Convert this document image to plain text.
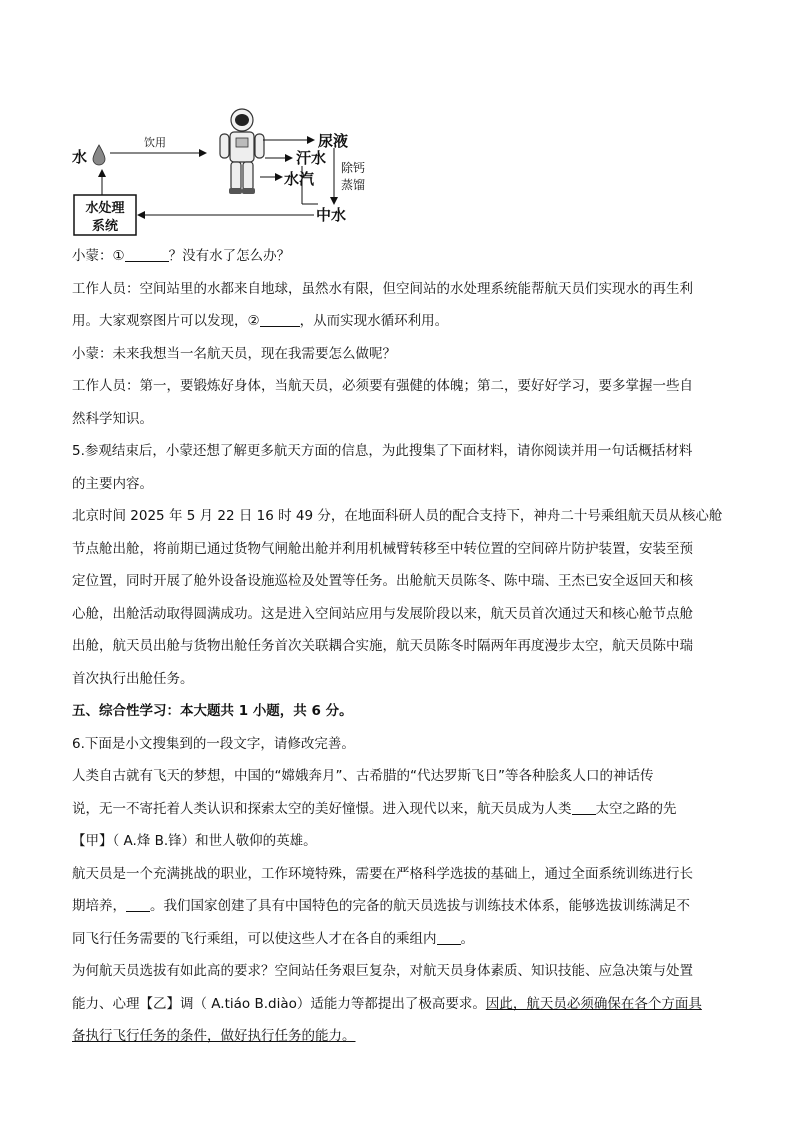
水
饮用	尿液
汗水
水汽
除钙
蒸馏
中水
水处理
系统

小蒙：①	？没有水了怎么办？

工作人员：空间站里的水都来自地球，虽然水有限，但空间站的水处理系统能帮航天员们实现水的再生利

用。大家观察图片可以发现，②	，从而实现水循环利用。

小蒙：未来我想当一名航天员，现在我需要怎么做呢？

工作人员：第一，要锻炼好身体，当航天员，必须要有强健的体魄；第二，要好好学习，要多掌握一些自

然科学知识。

5.参观结束后，小蒙还想了解更多航天方面的信息，为此搜集了下面材料，请你阅读并用一句话概括材料

的主要内容。

北京时间 2025 年 5 月 22 日 16 时 49 分，在地面科研人员的配合支持下，神舟二十号乘组航天员从核心舱

节点舱出舱，将前期已通过货物气闸舱出舱并利用机械臂转移至中转位置的空间碎片防护装置，安装至预

定位置，同时开展了舱外设备设施巡检及处置等任务。出舱航天员陈冬、陈中瑞、王杰已安全返回天和核

心舱，出舱活动取得圆满成功。这是进入空间站应用与发展阶段以来，航天员首次通过天和核心舱节点舱

出舱，航天员出舱与货物出舱任务首次关联耦合实施，航天员陈冬时隔两年再度漫步太空，航天员陈中瑞

首次执行出舱任务。

五、综合性学习：本大题共 1 小题，共 6 分。

6.下面是小文搜集到的一段文字，请修改完善。

人类自古就有飞天的梦想，中国的“嫦娥奔月”、古希腊的“代达罗斯飞日”等各种脍炙人口的神话传

说，无一不寄托着人类认识和探索太空的美好憧憬。进入现代以来，航天员成为人类 太空之路的先

【甲】（ A.烽 B.锋）和世人敬仰的英雄。

航天员是一个充满挑战的职业，工作环境特殊，需要在严格科学选拔的基础上，通过全面系统训练进行长

期培养， 。我们国家创建了具有中国特色的完备的航天员选拔与训练技术体系，能够选拔训练满足不

同飞行任务需要的飞行乘组，可以使这些人才在各自的乘组内 。

为何航天员选拔有如此高的要求？空间站任务艰巨复杂，对航天员身体素质、知识技能、应急决策与处置

能力、心理【乙】调（ A.tiáo B.diào）适能力等都提出了极高要求。因此，航天员必须确保在各个方面具

备执行飞行任务的条件，做好执行任务的能力。
